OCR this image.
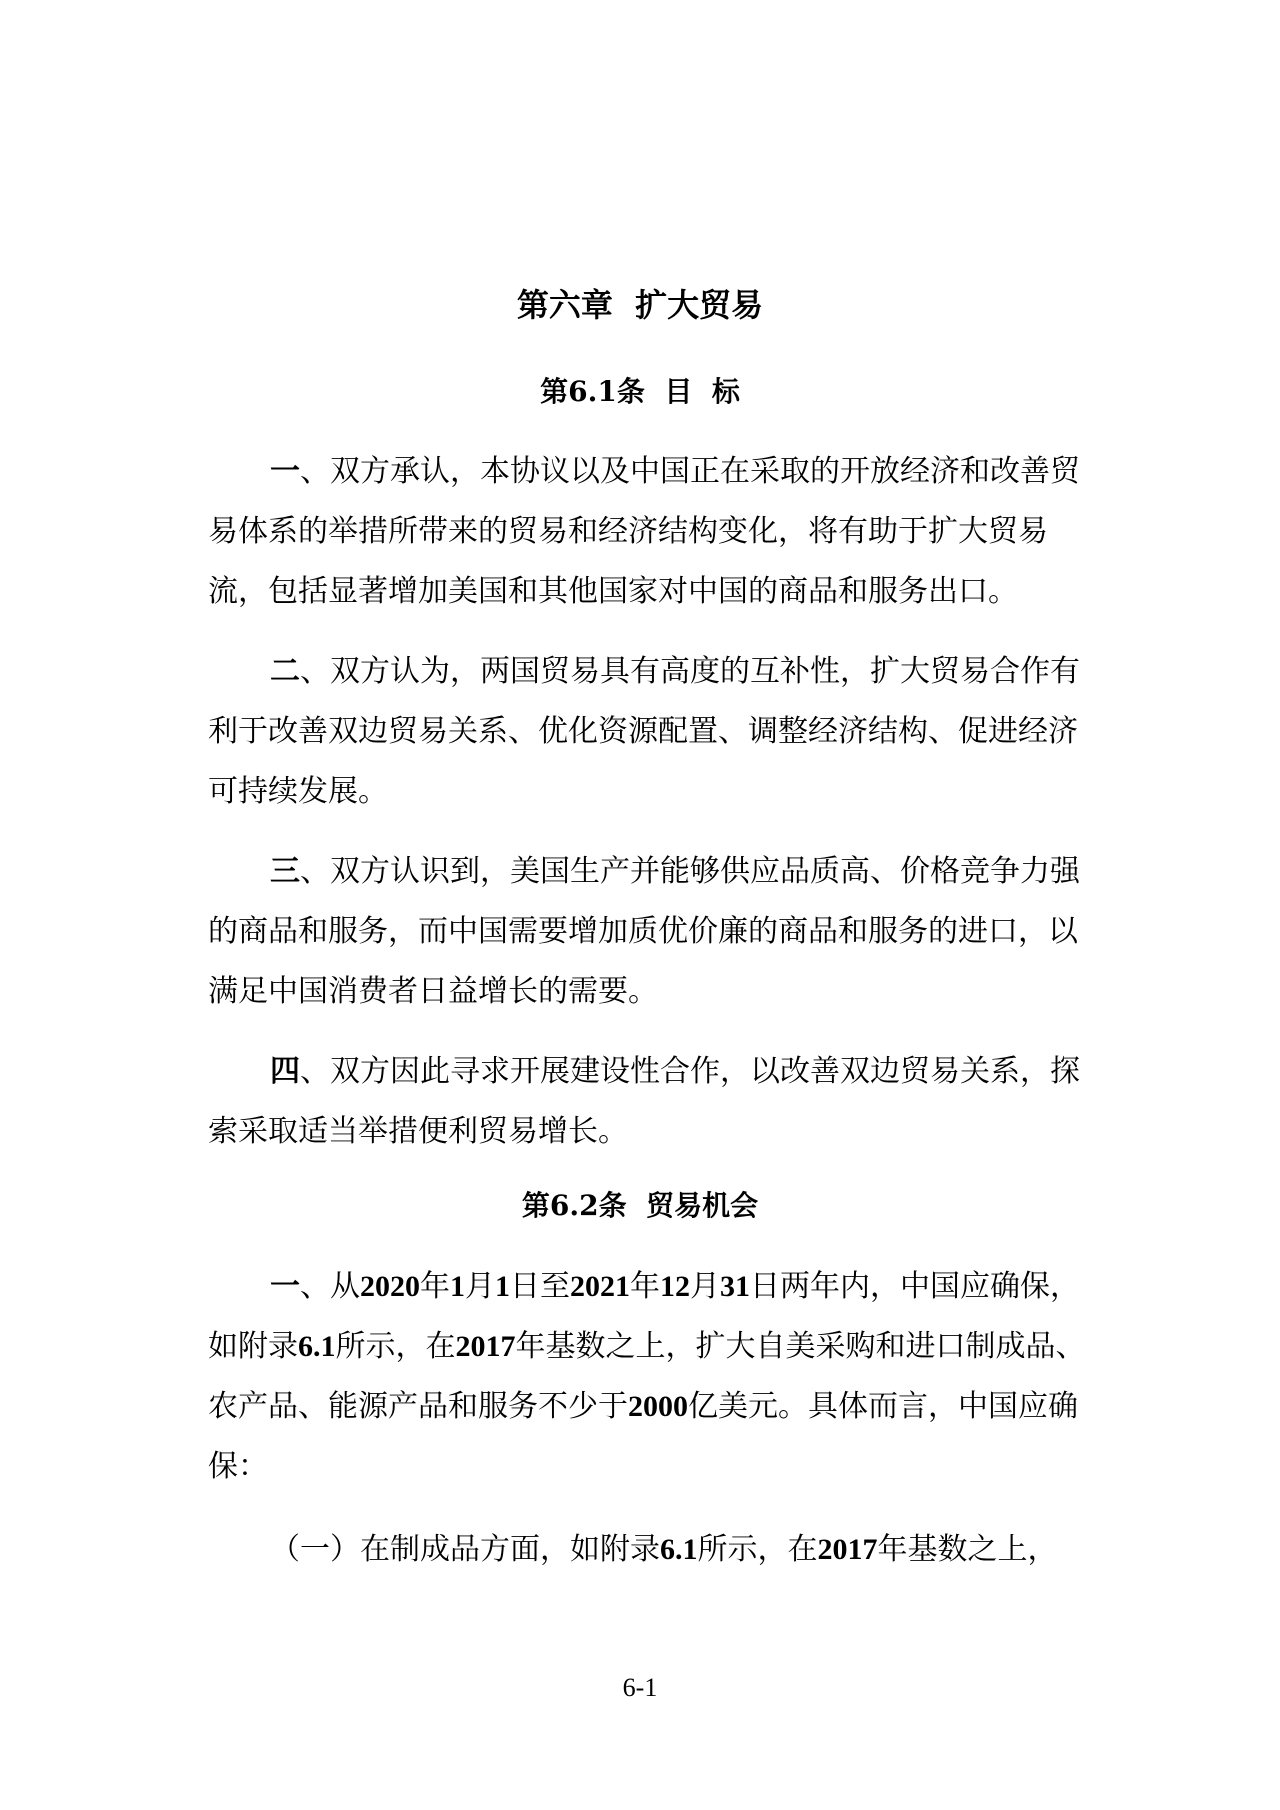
第六章  扩大贸易
第6.1条  目  标

一、双方承认，本协议以及中国正在采取的开放经济和改善贸易体系的举措所带来的贸易和经济结构变化，将有助于扩大贸易流，包括显著增加美国和其他国家对中国的商品和服务出口。

二、双方认为，两国贸易具有高度的互补性，扩大贸易合作有利于改善双边贸易关系、优化资源配置、调整经济结构、促进经济可持续发展。

三、双方认识到，美国生产并能够供应品质高、价格竞争力强的商品和服务，而中国需要增加质优价廉的商品和服务的进口，以满足中国消费者日益增长的需要。

四、双方因此寻求开展建设性合作，以改善双边贸易关系，探索采取适当举措便利贸易增长。

第6.2条  贸易机会

一、从2020年1月1日至2021年12月31日两年内，中国应确保，如附录6.1所示，在2017年基数之上，扩大自美采购和进口制成品、农产品、能源产品和服务不少于2000亿美元。具体而言，中国应确保：

（一）在制成品方面，如附录6.1所示，在2017年基数之上，

6-1
